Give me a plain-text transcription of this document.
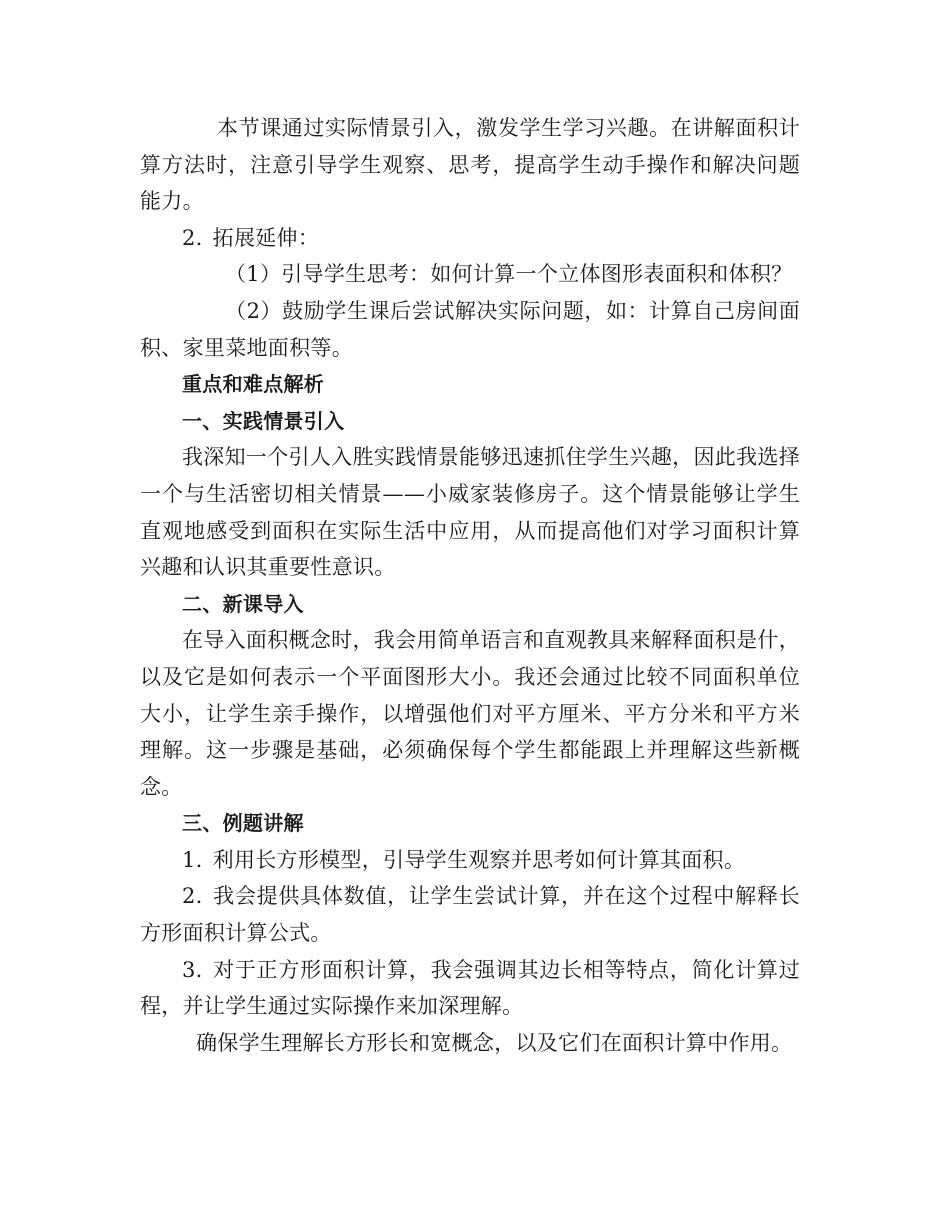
本节课通过实际情景引入，激发学生学习兴趣。在讲解面积计算方法时，注意引导学生观察、思考，提高学生动手操作和解决问题能力。

2. 拓展延伸：

（1）引导学生思考：如何计算一个立体图形表面积和体积？

（2）鼓励学生课后尝试解决实际问题，如：计算自己房间面积、家里菜地面积等。

重点和难点解析

一、实践情景引入

我深知一个引人入胜实践情景能够迅速抓住学生兴趣，因此我选择一个与生活密切相关情景——小威家装修房子。这个情景能够让学生直观地感受到面积在实际生活中应用，从而提高他们对学习面积计算兴趣和认识其重要性意识。

二、新课导入

在导入面积概念时，我会用简单语言和直观教具来解释面积是什，以及它是如何表示一个平面图形大小。我还会通过比较不同面积单位大小，让学生亲手操作，以增强他们对平方厘米、平方分米和平方米理解。这一步骤是基础，必须确保每个学生都能跟上并理解这些新概念。

三、例题讲解

1. 利用长方形模型，引导学生观察并思考如何计算其面积。

2. 我会提供具体数值，让学生尝试计算，并在这个过程中解释长方形面积计算公式。

3. 对于正方形面积计算，我会强调其边长相等特点，简化计算过程，并让学生通过实际操作来加深理解。

确保学生理解长方形长和宽概念，以及它们在面积计算中作用。
